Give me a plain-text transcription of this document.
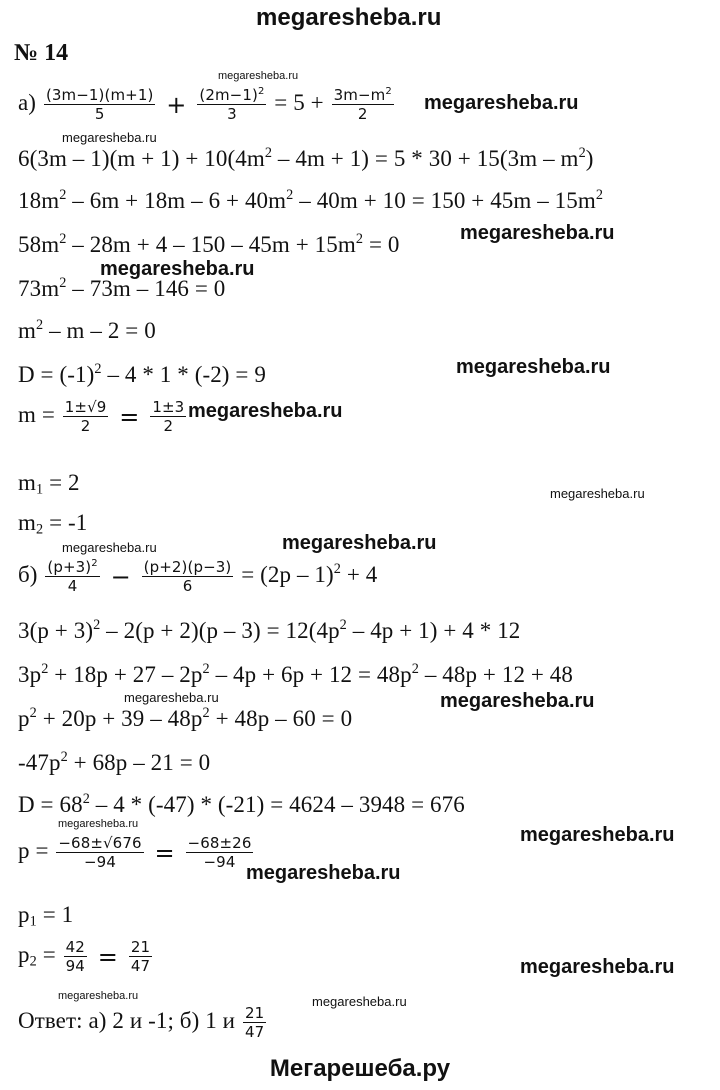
megaresheba.ru
№ 14
$а) \frac{(3m-1)(m+1)}{5} + \frac{(2m-1)^2}{3} = 5 + \frac{3m-m^2}{2}$
$6(3m - 1)(m + 1) + 10(4m^2 - 4m + 1) = 5 * 30 + 15(3m - m^2)$
$18m^2 - 6m + 18m - 6 + 40m^2 - 40m + 10 = 150 + 45m - 15m^2$
$58m^2 - 28m + 4 - 150 - 45m + 15m^2 = 0$
$73m^2 - 73m - 146 = 0$
$m^2 - m - 2 = 0$
$D = (-1)^2 - 4 * 1 * (-2) = 9$
$m = \frac{1\pm√9}{2} = \frac{1\pm 3}{2}$
$m_1 = 2$
$m_2 = -1$
$б) \frac{(p+3)^2}{4} - \frac{(p+2)(p-3)}{6} = (2p - 1)^2 + 4$
$3(p + 3)^2 - 2(p + 2)(p - 3) = 12(4p^2 - 4p + 1) + 4 * 12$
$3p^2 + 18p + 27 - 2p^2 - 4p + 6p + 12 = 48p^2 - 48p + 12 + 48$
$p^2 + 20p + 39 - 48p^2 + 48p - 60 = 0$
$-47p^2 + 68p - 21 = 0$
$D = 68^2 - 4 * (-47) * (-21) = 4624 - 3948 = 676$
$p = \frac{-68\pm√676}{-94} = \frac{-68\pm 26}{-94}$
$p_1 = 1$
$p_2 = \frac{42}{94} = \frac{21}{47}$
Ответ: а) 2 и -1; б) 1 и $\frac{21}{47}$
megaresheba.ru
megaresheba.ru
megaresheba.ru
megaresheba.ru
megaresheba.ru
megaresheba.ru
megaresheba.ru
megaresheba.ru
megaresheba.ru	megaresheba.ru
megaresheba.ru	megaresheba.ru
megaresheba.ru	megaresheba.ru
megaresheba.ru
megaresheba.ru
megaresheba.ru	megaresheba.ru
Мегарешеба.ру
